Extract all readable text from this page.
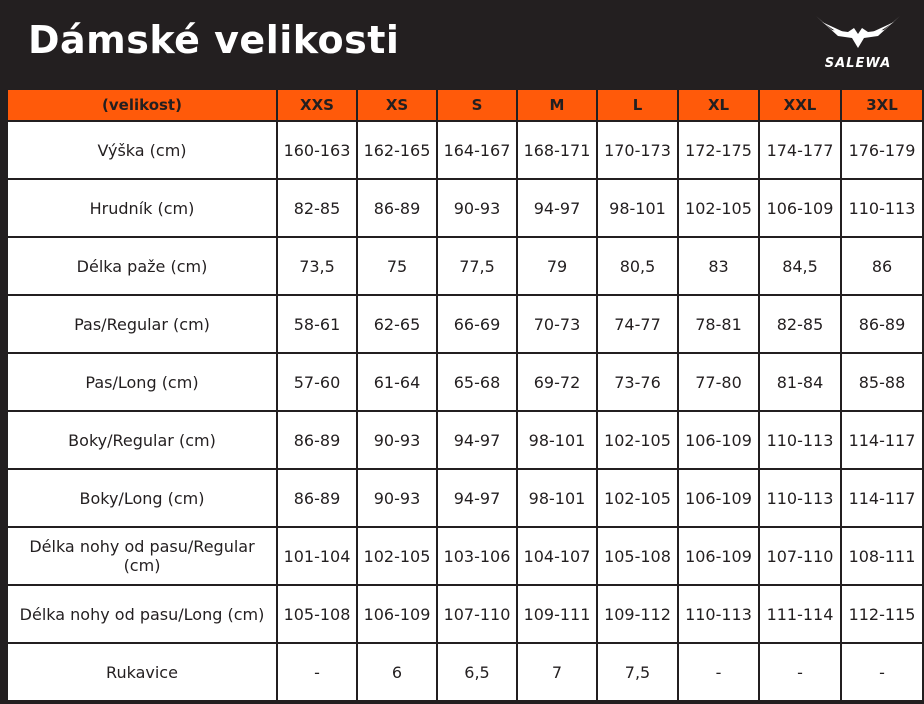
Dámské velikosti
SALEWA
(velikost)	XXS	XS	S	M	L	XL	XXL	3XL
Výška (cm)	160-163	162-165	164-167	168-171	170-173	172-175	174-177	176-179
Hrudník (cm)	82-85	86-89	90-93	94-97	98-101	102-105	106-109	110-113
Délka paže (cm)	73,5	75	77,5	79	80,5	83	84,5	86
Pas/Regular (cm)	58-61	62-65	66-69	70-73	74-77	78-81	82-85	86-89
Pas/Long (cm)	57-60	61-64	65-68	69-72	73-76	77-80	81-84	85-88
Boky/Regular (cm)	86-89	90-93	94-97	98-101	102-105	106-109	110-113	114-117
Boky/Long (cm)	86-89	90-93	94-97	98-101	102-105	106-109	110-113	114-117
Délka nohy od pasu/Regular (cm)	101-104	102-105	103-106	104-107	105-108	106-109	107-110	108-111
Délka nohy od pasu/Long (cm)	105-108	106-109	107-110	109-111	109-112	110-113	111-114	112-115
Rukavice	-	6	6,5	7	7,5	-	-	-
